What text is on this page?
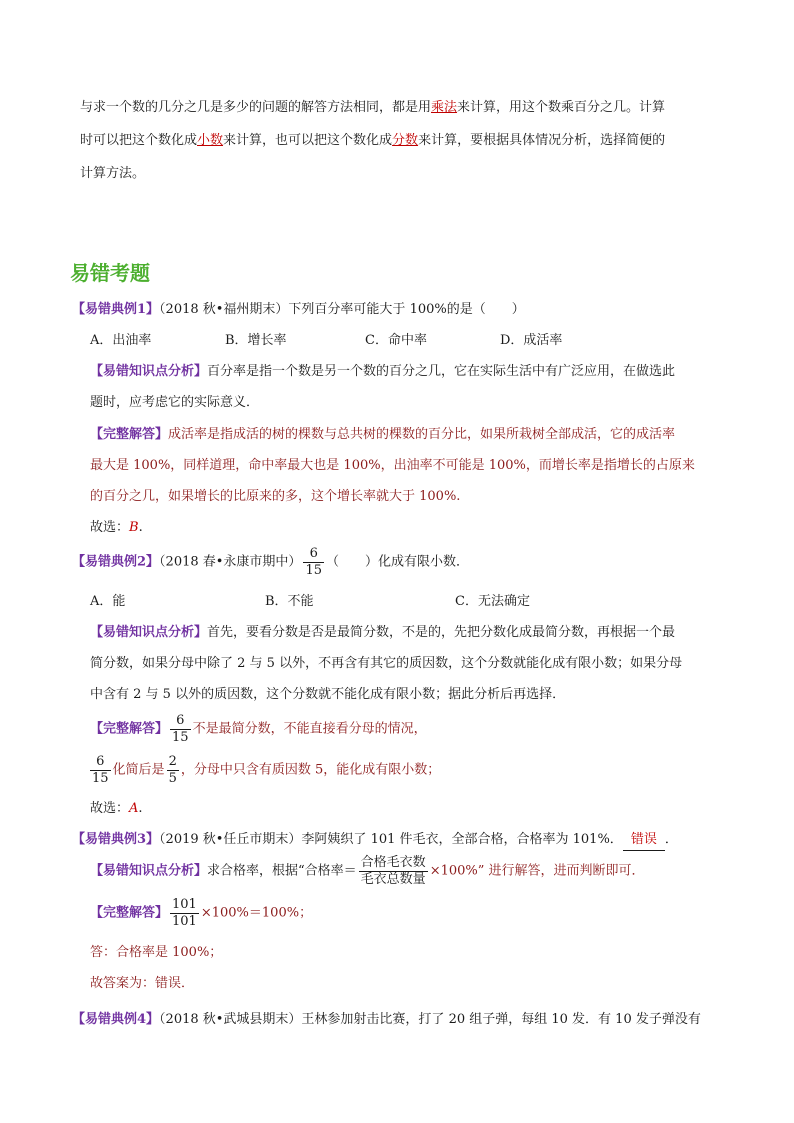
与求一个数的几分之几是多少的问题的解答方法相同，都是用乘法来计算，用这个数乘百分之几。计算
时可以把这个数化成小数来计算，也可以把这个数化成分数来计算，要根据具体情况分析，选择简便的
计算方法。
易错考题
【易错典例1】（2018 秋•福州期末）下列百分率可能大于 100%的是（　　）
A．出油率	B．增长率	C．命中率	D．成活率
【易错知识点分析】百分率是指一个数是另一个数的百分之几，它在实际生活中有广泛应用，在做选此
题时，应考虑它的实际意义．
【完整解答】成活率是指成活的树的棵数与总共树的棵数的百分比，如果所栽树全部成活，它的成活率
最大是 100%，同样道理，命中率最大也是 100%，出油率不可能是 100%，而增长率是指增长的占原来
的百分之几，如果增长的比原来的多，这个增长率就大于 100%.
故选：B.
【易错典例2】（2018 春•永康市期中） $\frac{6}{15}$ （　　）化成有限小数．
A．能	B．不能	C．无法确定
【易错知识点分析】首先，要看分数是否是最简分数，不是的，先把分数化成最简分数，再根据一个最
简分数，如果分母中除了 2 与 5 以外，不再含有其它的质因数，这个分数就能化成有限小数；如果分母
中含有 2 与 5 以外的质因数，这个分数就不能化成有限小数；据此分析后再选择．
【完整解答】 $\frac{6}{15}$ 不是最简分数，不能直接看分母的情况，
$\frac{6}{15}$ 化简后是 $\frac{2}{5}$ ，分母中只含有质因数 5，能化成有限小数；
故选：A.
【易错典例3】（2019 秋•任丘市期末）李阿姨织了 101 件毛衣，全部合格，合格率为 101%． 错误 ．
【易错知识点分析】求合格率，根据“合格率＝ $\frac{\text{合格毛衣数}}{\text{毛衣总数量}} \times 100\%$” 进行解答，进而判断即可．
【完整解答】 $\frac{101}{101} \times 100\%=100\%$；
答：合格率是 100%；
故答案为：错误．
【易错典例4】（2018 秋•武城县期末）王林参加射击比赛，打了 20 组子弹，每组 10 发．有 10 发子弹没有
